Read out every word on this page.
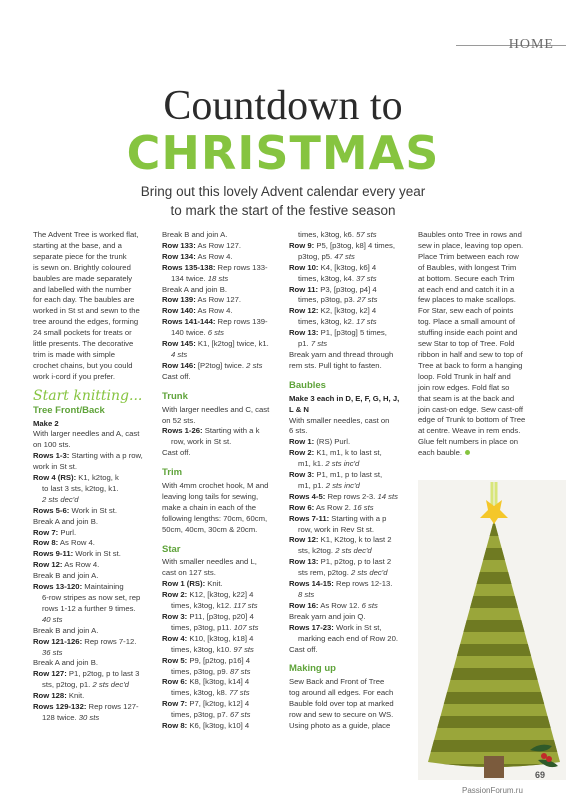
HOME
Countdown to
CHRISTMAS
Bring out this lovely Advent calendar every year
to mark the start of the festive season
The Advent Tree is worked flat,
starting at the base, and a
separate piece for the trunk
is sewn on. Brightly coloured
baubles are made separately
and labelled with the number
for each day. The baubles are
worked in St st and sewn to the
tree around the edges, forming
24 small pockets for treats or
little presents. The decorative
trim is made with simple
crochet chains, but you could
work i-cord if you prefer.
Start knitting...
Tree Front/Back
Make 2
With larger needles and A, cast
on 100 sts.
Rows 1-3: Starting with a p row,
work in St st.
Row 4 (RS): K1, k2tog, k
to last 3 sts, k2tog, k1.
2 sts dec'd
Rows 5-6: Work in St st.
Break A and join B.
Row 7: Purl.
Row 8: As Row 4.
Rows 9-11: Work in St st.
Row 12: As Row 4.
Break B and join A.
Rows 13-120: Maintaining
6-row stripes as now set, rep
rows 1-12 a further 9 times.
40 sts
Break B and join A.
Row 121-126: Rep rows 7-12.
36 sts
Break A and join B.
Row 127: P1, p2tog, p to last 3
sts, p2tog, p1. 2 sts dec'd
Row 128: Knit.
Rows 129-132: Rep rows 127-
128 twice. 30 sts
Break B and join A.
Row 133: As Row 127.
Row 134: As Row 4.
Rows 135-138: Rep rows 133-
134 twice. 18 sts
Break A and join B.
Row 139: As Row 127.
Row 140: As Row 4.
Rows 141-144: Rep rows 139-
140 twice. 6 sts
Row 145: K1, [k2tog] twice, k1.
4 sts
Row 146: [P2tog] twice. 2 sts
Cast off.
Trunk
With larger needles and C, cast
on 52 sts.
Rows 1-26: Starting with a k
row, work in St st.
Cast off.
Trim
With 4mm crochet hook, M and
leaving long tails for sewing,
make a chain in each of the
following lengths: 70cm, 60cm,
50cm, 40cm, 30cm & 20cm.
Star
With smaller needles and L,
cast on 127 sts.
Row 1 (RS): Knit.
Row 2: K12, [k3tog, k22] 4
times, k3tog, k12. 117 sts
Row 3: P11, [p3tog, p20] 4
times, p3tog, p11. 107 sts
Row 4: K10, [k3tog, k18] 4
times, k3tog, k10. 97 sts
Row 5: P9, [p2tog, p16] 4
times, p3tog, p9. 87 sts
Row 6: K8, [k3tog, k14] 4
times, k3tog, k8. 77 sts
Row 7: P7, [k2tog, k12] 4
times, p3tog, p7. 67 sts
Row 8: K6, [k3tog, k10] 4
times, k3tog, k6. 57 sts
Row 9: P5, [p3tog, k8] 4 times,
p3tog, p5. 47 sts
Row 10: K4, [k3tog, k6] 4
times, k3tog, k4. 37 sts
Row 11: P3, [p3tog, p4] 4
times, p3tog, p3. 27 sts
Row 12: K2, [k3tog, k2] 4
times, k3tog, k2. 17 sts
Row 13: P1, [p3tog] 5 times,
p1. 7 sts
Break yarn and thread through
rem sts. Pull tight to fasten.
Baubles
Make 3 each in D, E, F, G, H, J,
L & N
With smaller needles, cast on
6 sts.
Row 1: (RS) Purl.
Row 2: K1, m1, k to last st,
m1, k1. 2 sts inc'd
Row 3: P1, m1, p to last st,
m1, p1. 2 sts inc'd
Rows 4-5: Rep rows 2-3. 14 sts
Row 6: As Row 2. 16 sts
Rows 7-11: Starting with a p
row, work in Rev St st.
Row 12: K1, K2tog, k to last 2
sts, k2tog. 2 sts dec'd
Row 13: P1, p2tog, p to last 2
sts rem, p2tog. 2 sts dec'd
Rows 14-15: Rep rows 12-13.
8 sts
Row 16: As Row 12. 6 sts
Break yarn and join Q.
Rows 17-23: Work in St st,
marking each end of Row 20.
Cast off.
Making up
Sew Back and Front of Tree
tog around all edges. For each
Bauble fold over top at marked
row and sew to secure on WS.
Using photo as a guide, place
Baubles onto Tree in rows and
sew in place, leaving top open.
Place Trim between each row
of Baubles, with longest Trim
at bottom. Secure each Trim
at each end and catch it in a
few places to make scallops.
For Star, sew each of points
tog. Place a small amount of
stuffing inside each point and
sew Star to top of Tree. Fold
ribbon in half and sew to top of
Tree at back to form a hanging
loop. Fold Trunk in half and
join row edges. Fold flat so
that seam is at the back and
join cast-on edge. Sew cast-off
edge of Trunk to bottom of Tree
at centre. Weave in rem ends.
Glue felt numbers in place on
each bauble.
69
PassionForum.ru
